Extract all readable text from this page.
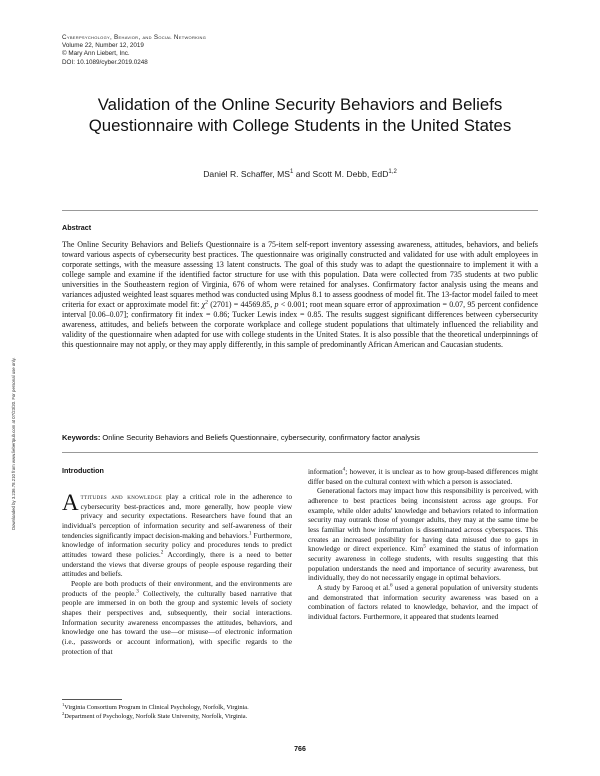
Downloaded by 3.236.78.210 from www.liebertpub.com at 07/23/20. For personal use only.
Cyberpsychology, Behavior, and Social Networking
Volume 22, Number 12, 2019
© Mary Ann Liebert, Inc.
DOI: 10.1089/cyber.2019.0248
Validation of the Online Security Behaviors and Beliefs
Questionnaire with College Students in the United States
Daniel R. Schaffer, $MS^1$ and Scott M. Debb, EdD$^{1,2}$
Abstract
The Online Security Behaviors and Beliefs Questionnaire is a 75-item self-report inventory assessing awareness, attitudes, behaviors, and beliefs toward various aspects of cybersecurity best practices. The questionnaire was originally constructed and validated for use with adult employees in corporate settings, with the measure assessing 13 latent constructs. The goal of this study was to adapt the questionnaire to implement it with a college sample and examine if the identified factor structure for use with this population. Data were collected from 735 students at two public universities in the Southeastern region of Virginia, 676 of whom were retained for analyses. Confirmatory factor analysis using the means and variances adjusted weighted least squares method was conducted using Mplus 8.1 to assess goodness of model fit. The 13-factor model failed to meet criteria for exact or approximate model fit: $\chi^2$ (2701) = 44569.85, p < 0.001; root mean square error of approximation = 0.07, 95 percent confidence interval [0.06–0.07]; confirmatory fit index = 0.86; Tucker Lewis index = 0.85. The results suggest significant differences between cybersecurity awareness, attitudes, and beliefs between the corporate workplace and college student populations that ultimately influenced the reliability and validity of the questionnaire when adapted for use with college students in the United States. It is also possible that the theoretical underpinnings of this questionnaire may not apply, or they may apply differently, in this sample of predominantly African American and Caucasian students.
Keywords: Online Security Behaviors and Beliefs Questionnaire, cybersecurity, confirmatory factor analysis
Introduction

Attitudes and knowledge play a critical role in the adherence to cybersecurity best-practices and, more generally, how people view privacy and security expectations. Researchers have found that an individual's perception of information security and self-awareness of their tendencies significantly impact decision-making and behaviors.$^1$ Furthermore, knowledge of information security policy and procedures tends to predict attitudes toward these policies.$^2$ Accordingly, there is a need to better understand the views that diverse groups of people espouse regarding their attitudes and beliefs.

People are both products of their environment, and the environments are products of the people.$^3$ Collectively, the culturally based narrative that people are immersed in on both the group and systemic levels of society shapes their perspectives and, subsequently, their social interactions. Information security awareness encompasses the attitudes, behaviors, and knowledge one has toward the use—or misuse—of electronic information (i.e., passwords or account information), with specific regards to the protection of that

information$^4$; however, it is unclear as to how group-based differences might differ based on the cultural context with which a person is associated.

Generational factors may impact how this responsibility is perceived, with adherence to best practices being inconsistent across age groups. For example, while older adults' knowledge and behaviors related to information security may outrank those of younger adults, they may at the same time be less familiar with how information is disseminated across cyberspaces. This creates an increased possibility for having data misused due to gaps in knowledge or direct experience. Kim$^5$ examined the status of information security awareness in college students, with results suggesting that this population understands the need and importance of security awareness, but individually, they do not necessarily engage in optimal behaviors.

A study by Farooq et al.$^6$ used a general population of university students and demonstrated that information security awareness was based on a combination of factors related to knowledge, behavior, and the impact of individual factors. Furthermore, it appeared that students learned

$^1$Virginia Consortium Program in Clinical Psychology, Norfolk, Virginia.
$^2$Department of Psychology, Norfolk State University, Norfolk, Virginia.
766
